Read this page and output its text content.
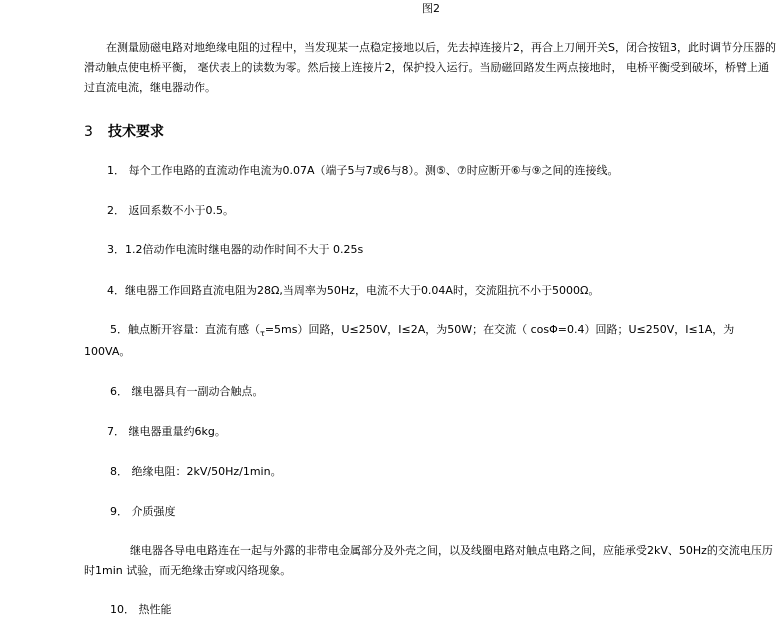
图2
在测量励磁电路对地绝缘电阻的过程中，当发现某一点稳定接地以后，先去掉连接片2，再合上刀闸开关S，闭合按钮3，此时调节分压器的滑动触点使电桥平衡， 毫伏表上的读数为零。然后接上连接片2，保护投入运行。当励磁回路发生两点接地时， 电桥平衡受到破坏，桥臂上通过直流电流，继电器动作。
3 技术要求
1． 每个工作电路的直流动作电流为0.07A（端子5与7或6与8）。测⑤、⑦时应断开⑥与⑨之间的连接线。
2． 返回系数不小于0.5。
3．1.2倍动作电流时继电器的动作时间不大于 0.25s
4．继电器工作回路直流电阻为28Ω,当周率为50Hz，电流不大于0.04A时，交流阻抗不小于5000Ω。
5．触点断开容量：直流有感$(_\tau=5ms)$回路，U≤250V，I≤2A，为50W；在交流（ cosΦ=0.4）回路；U≤250V，I≤1A，为
100VA。
6． 继电器具有一副动合触点。
7． 继电器重量约6kg。
8． 绝缘电阻：2kV/50Hz/1min。
9． 介质强度
继电器各导电电路连在一起与外露的非带电金属部分及外壳之间，以及线圈电路对触点电路之间，应能承受2kV、50Hz的交流电压历时1min 试验，而无绝缘击穿或闪络现象。
10． 热性能
